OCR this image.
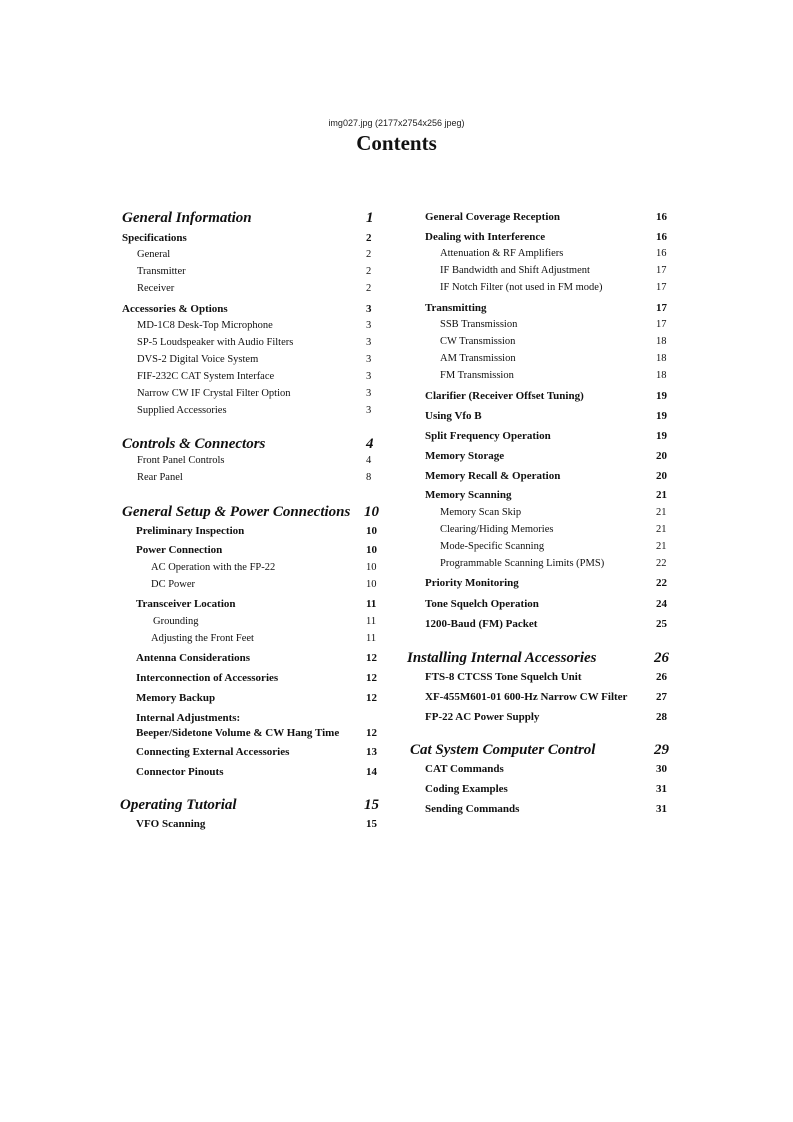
img027.jpg (2177x2754x256 jpeg)
Contents
General Information	1
Specifications	2
General	2
Transmitter	2
Receiver	2
Accessories & Options	3
MD-1C8 Desk-Top Microphone	3
SP-5 Loudspeaker with Audio Filters	3
DVS-2 Digital Voice System	3
FIF-232C CAT System Interface	3
Narrow CW IF Crystal Filter Option	3
Supplied Accessories	3
Controls & Connectors	4
Front Panel Controls	4
Rear Panel	8
General Setup & Power Connections 10
Preliminary Inspection	10
Power Connection	10
AC Operation with the FP-22	10
DC Power	10
Transceiver Location	11
Grounding	11
Adjusting the Front Feet	11
Antenna Considerations	12
Interconnection of Accessories	12
Memory Backup	12
Internal Adjustments:
Beeper/Sidetone Volume & CW Hang Time 12
Connecting External Accessories	13
Connector Pinouts	14
Operating Tutorial	15
VFO Scanning	15
General Coverage Reception	16
Dealing with Interference	16
Attenuation & RF Amplifiers	16
IF Bandwidth and Shift Adjustment	17
IF Notch Filter (not used in FM mode)	17
Transmitting	17
SSB Transmission	17
CW Transmission	18
AM Transmission	18
FM Transmission	18
Clarifier (Receiver Offset Tuning)	19
Using Vfo B	19
Split Frequency Operation	19
Memory Storage	20
Memory Recall & Operation	20
Memory Scanning	21
Memory Scan Skip	21
Clearing/Hiding Memories	21
Mode-Specific Scanning	21
Programmable Scanning Limits (PMS)	22
Priority Monitoring	22
Tone Squelch Operation	24
1200-Baud (FM) Packet	25
Installing Internal Accessories	26
FTS-8 CTCSS Tone Squelch Unit	26
XF-455M601-01 600-Hz Narrow CW Filter	27
FP-22 AC Power Supply	28
Cat System Computer Control	29
CAT Commands	30
Coding Examples	31
Sending Commands	31
